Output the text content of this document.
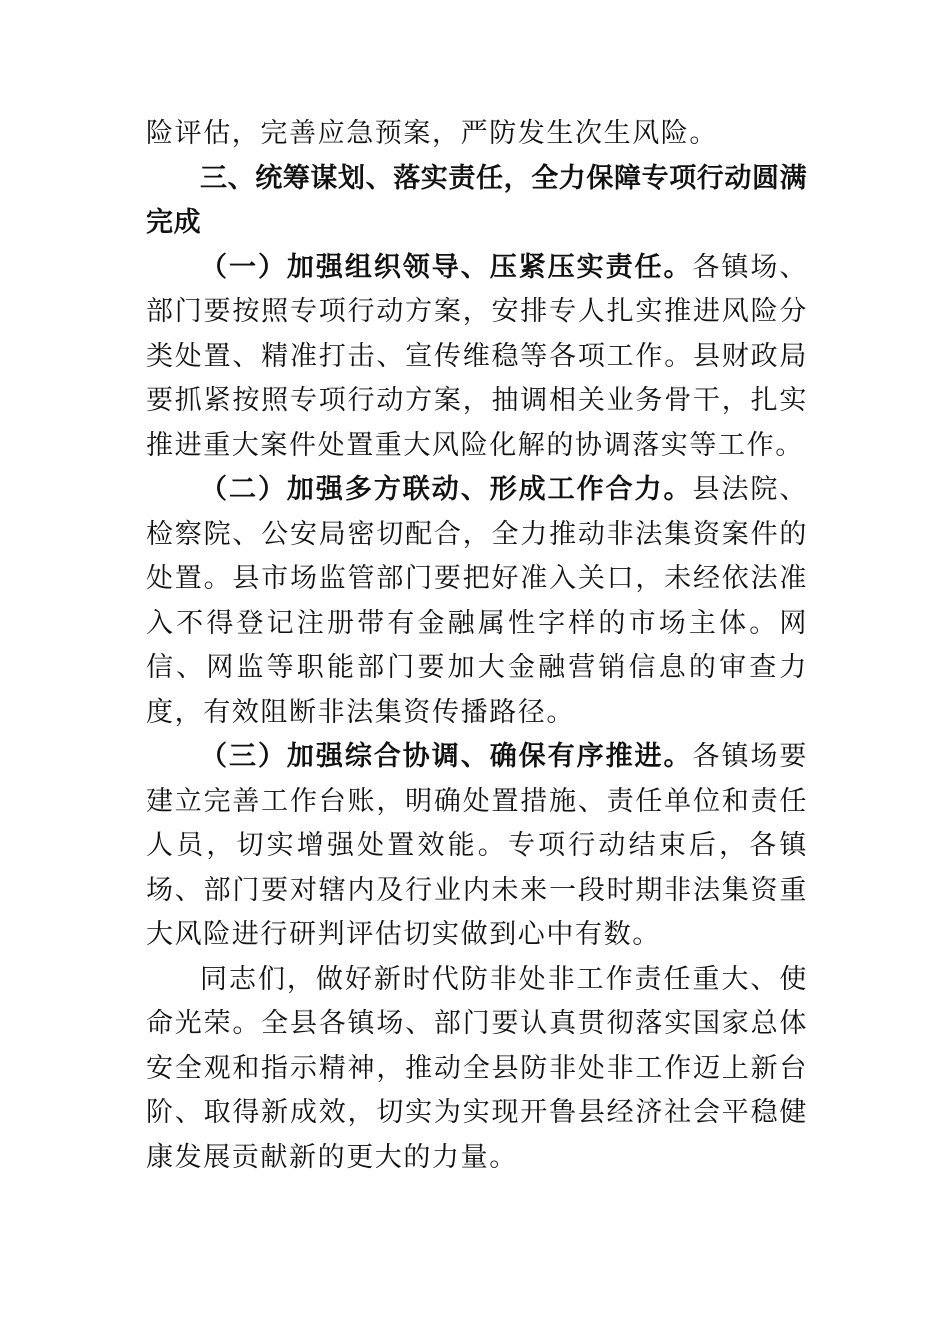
险评估，完善应急预案，严防发生次生风险。

三、统筹谋划、落实责任，全力保障专项行动圆满完成

（一）加强组织领导、压紧压实责任。各镇场、部门要按照专项行动方案，安排专人扎实推进风险分类处置、精准打击、宣传维稳等各项工作。县财政局要抓紧按照专项行动方案，抽调相关业务骨干，扎实推进重大案件处置重大风险化解的协调落实等工作。

（二）加强多方联动、形成工作合力。县法院、检察院、公安局密切配合，全力推动非法集资案件的处置。县市场监管部门要把好准入关口，未经依法准入不得登记注册带有金融属性字样的市场主体。网信、网监等职能部门要加大金融营销信息的审查力度，有效阻断非法集资传播路径。

（三）加强综合协调、确保有序推进。各镇场要建立完善工作台账，明确处置措施、责任单位和责任人员，切实增强处置效能。专项行动结束后，各镇场、部门要对辖内及行业内未来一段时期非法集资重大风险进行研判评估切实做到心中有数。

同志们，做好新时代防非处非工作责任重大、使命光荣。全县各镇场、部门要认真贯彻落实国家总体安全观和指示精神，推动全县防非处非工作迈上新台阶、取得新成效，切实为实现开鲁县经济社会平稳健康发展贡献新的更大的力量。
